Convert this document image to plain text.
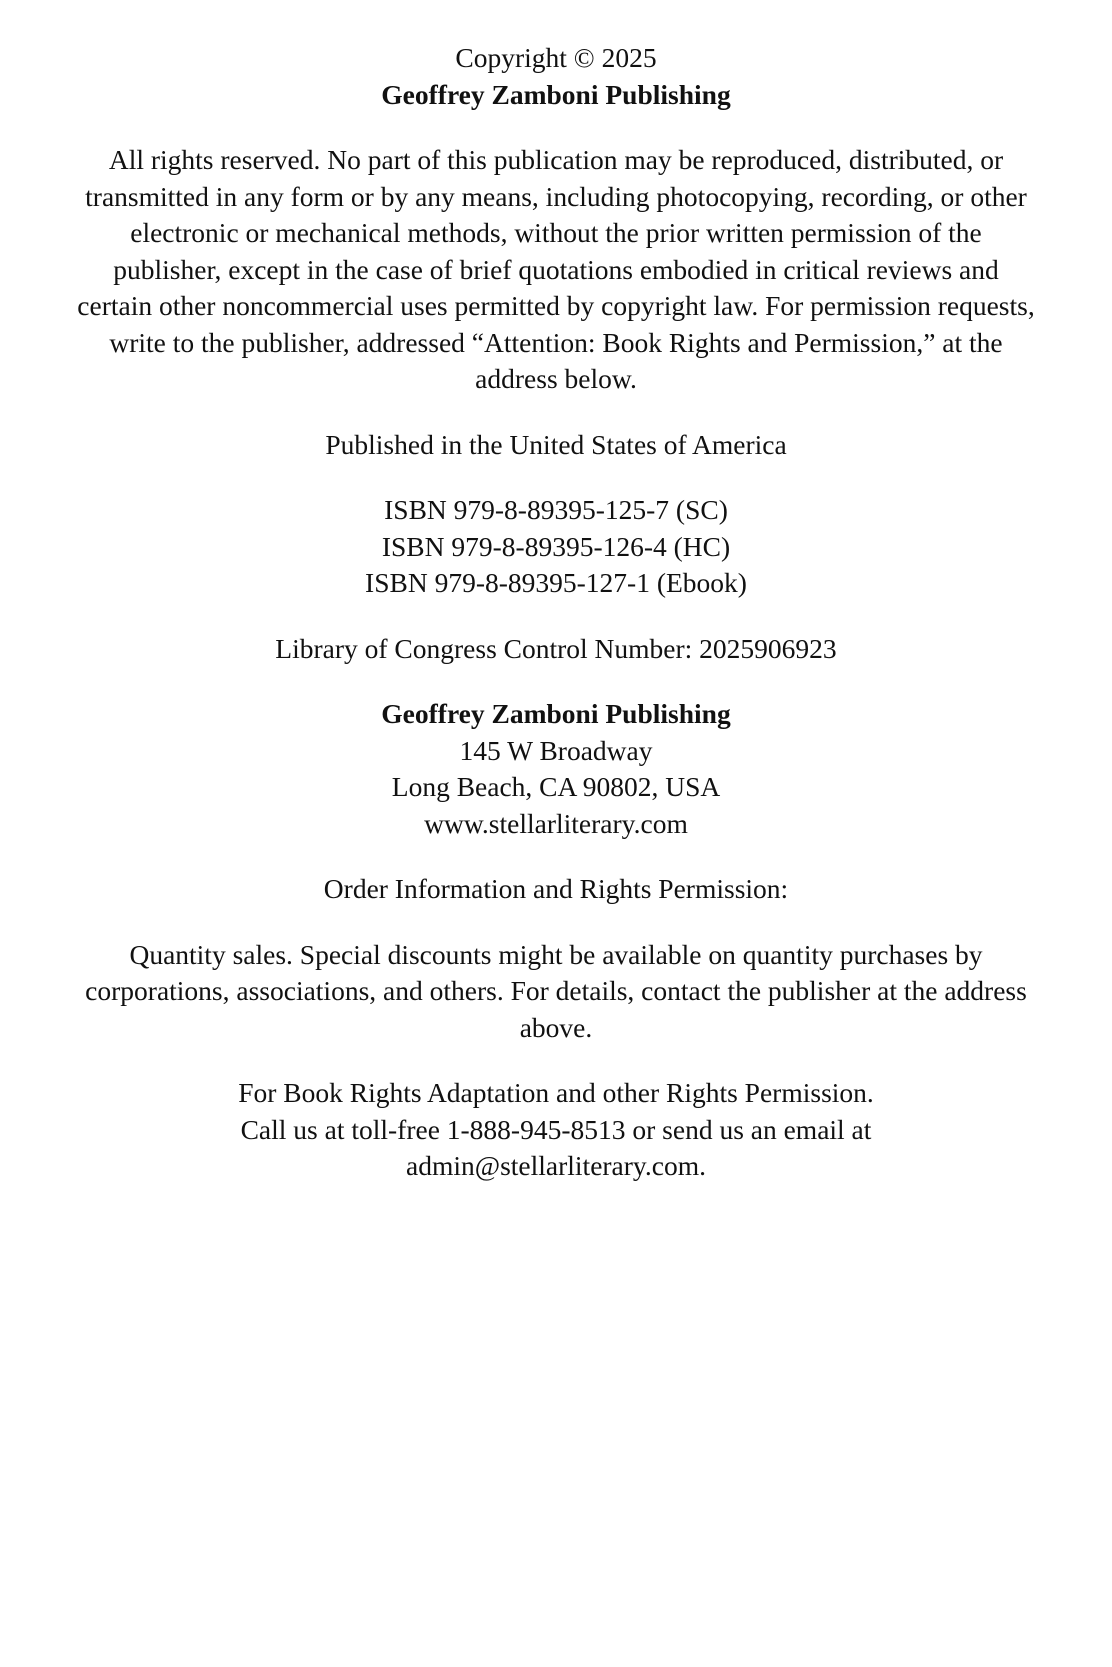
Copyright © 2025
Geoffrey Zamboni Publishing
All rights reserved. No part of this publication may be reproduced, distributed, or transmitted in any form or by any means, including photocopying, recording, or other electronic or mechanical methods, without the prior written permission of the publisher, except in the case of brief quotations embodied in critical reviews and certain other noncommercial uses permitted by copyright law. For permission requests, write to the publisher, addressed “Attention: Book Rights and Permission,” at the address below.
Published in the United States of America
ISBN 979-8-89395-125-7 (SC)
ISBN 979-8-89395-126-4 (HC)
ISBN 979-8-89395-127-1 (Ebook)
Library of Congress Control Number: 2025906923
Geoffrey Zamboni Publishing
145 W Broadway
Long Beach, CA 90802, USA
www.stellarliterary.com
Order Information and Rights Permission:
Quantity sales. Special discounts might be available on quantity purchases by corporations, associations, and others. For details, contact the publisher at the address above.
For Book Rights Adaptation and other Rights Permission.
Call us at toll-free 1-888-945-8513 or send us an email at
admin@stellarliterary.com.
